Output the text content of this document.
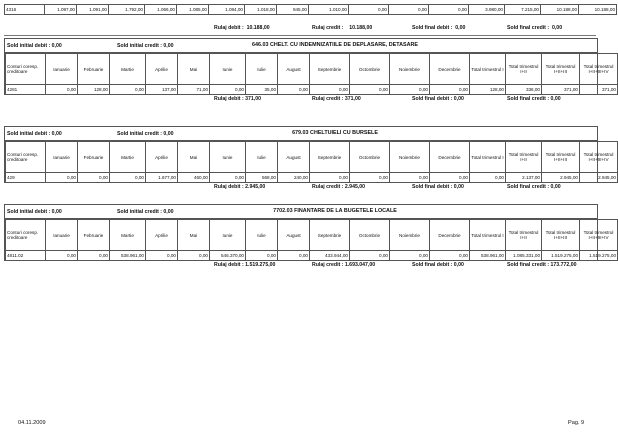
4316	1.097,00	1.091,00	1.792,00	1.066,00	1.085,00	1.084,00	1.018,00	945,00	1.010,00	0,00	0,00	0,00	3.980,00	7.215,00	10.188,00	10.188,00
Rulaj debit : 10.188,00	Rulaj credit : 10.188,00	Sold final debit : 0,00	Sold final credit : 0,00
Sold initial debit : 0,00	Sold initial credit : 0,00	646.03 CHELT. CU INDEMNIZATIILE DE DEPLASARE, DETASARE
Conturi coresp. creditoare	Ianuarie	Februarie	Martie	Aprilie	Mai	Iunie	Iulie	August	Septembrie	Octombrie	Noiembrie	Decembrie	Total trimestrul I	Total trimestrul I+II	Total trimestrul I+II+III	Total trimestrul I+II+III+IV
4281	0,00	128,00	0,00	137,00	71,00	0,00	35,00	0,00	0,00	0,00	0,00	0,00	128,00	336,00	371,00	371,00
Rulaj debit : 371,00	Rulaj credit : 371,00	Sold final debit : 0,00	Sold final credit : 0,00
Sold initial debit : 0,00	Sold initial credit : 0,00	679.03 CHELTUIELI CU BURSELE
Conturi coresp. creditoare	Ianuarie	Februarie	Martie	Aprilie	Mai	Iunie	Iulie	August	Septembrie	Octombrie	Noiembrie	Decembrie	Total trimestrul I	Total trimestrul I+II	Total trimestrul I+II+III	Total trimestrul I+II+III+IV
429	0,00	0,00	0,00	1.677,00	460,00	0,00	568,00	240,00	0,00	0,00	0,00	0,00	0,00	2.137,00	2.945,00	2.945,00
Rulaj debit : 2.945,00	Rulaj credit : 2.945,00	Sold final debit : 0,00	Sold final credit : 0,00
Sold initial debit : 0,00	Sold initial credit : 0,00	7702.03 FINANTARE DE LA BUGETELE LOCALE
Conturi coresp. creditoare	Ianuarie	Februarie	Martie	Aprilie	Mai	Iunie	Iulie	August	Septembrie	Octombrie	Noiembrie	Decembrie	Total trimestrul I	Total trimestrul I+II	Total trimestrul I+II+III	Total trimestrul I+II+III+IV
4811.02	0,00	0,00	538.961,00	0,00	0,00	546.370,00	0,00	0,00	433.944,00	0,00	0,00	0,00	538.961,00	1.085.331,00	1.519.275,00	1.519.275,00
Rulaj debit : 1.519.275,00	Rulaj credit : 1.693.047,00	Sold final debit : 0,00	Sold final credit : 173.772,00
04.11.2009	Pag. 9
